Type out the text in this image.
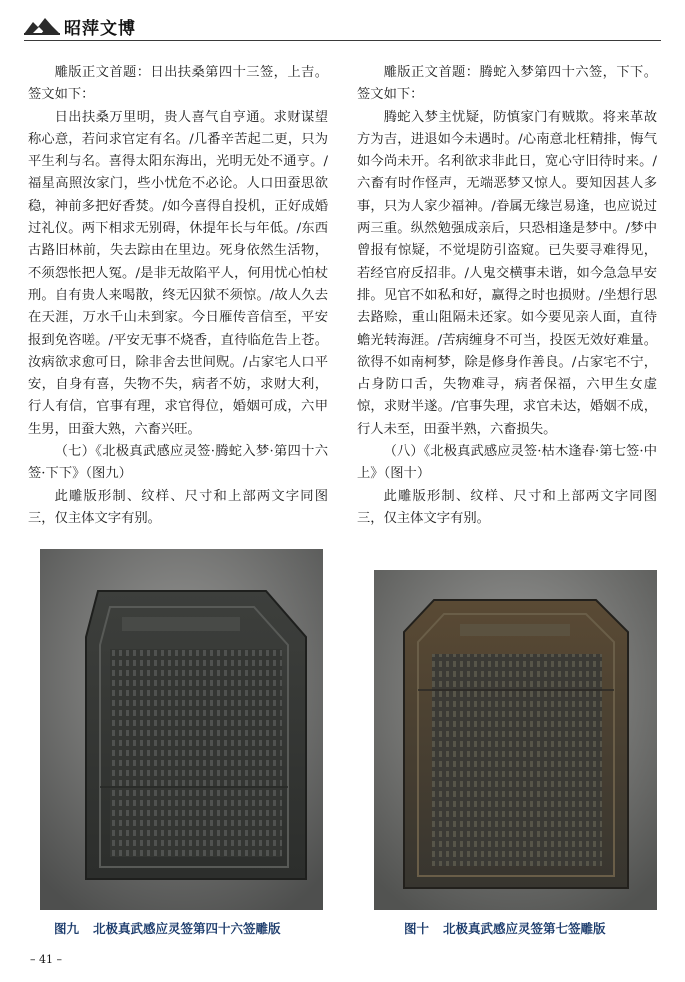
昭萍文博

雕版正文首题：日出扶桑第四十三签，上吉。签文如下：

日出扶桑万里明，贵人喜气自亨通。求财谋望称心意，若问求官定有名。/几番辛苦起二更，只为平生利与名。喜得太阳东海出，光明无处不通亨。/福星高照汝家门，些小忧危不必论。人口田蚕思欲稳，神前多把好香焚。/如今喜得自投机，正好成婚过礼仪。两下相求无别碍，休提年长与年低。/东西古路旧林前，失去踪由在里边。死身依然生活物，不须怨怅把人冤。/是非无故陷平人，何用忧心怕杖刑。自有贵人来喝散，终无囚狱不须惊。/故人久去在天涯，万水千山未到家。今日雁传音信至，平安报到免咨嗟。/平安无事不烧香，直待临危告上苍。汝病欲求愈可日，除非舍去世间贶。/占家宅人口平安，自身有喜，失物不失，病者不妨，求财大利，行人有信，官事有理，求官得位，婚姻可成，六甲生男，田蚕大熟，六畜兴旺。

（七）《北极真武感应灵签·腾蛇入梦·第四十六签·下下》（图九）

此雕版形制、纹样、尺寸和上部两文字同图三，仅主体文字有别。

雕版正文首题：腾蛇入梦第四十六签，下下。签文如下：

腾蛇入梦主忧疑，防慎家门有贼欺。将来革故方为吉，进退如今未遇时。/心南意北枉精排，悔气如今尚未开。名利欲求非此日，宽心守旧待时来。/六畜有时作怪声，无端恶梦又惊人。要知因甚人多事，只为人家少福神。/眷属无缘岂易逢，也应说过两三重。纵然勉强成亲后，只恐相逢是梦中。/梦中曾报有惊疑，不觉堤防引盗窥。已失要寻难得见，若经官府反招非。/人鬼交横事未谐，如今急急早安排。见官不如私和好，赢得之时也损财。/坐想行思去路赊，重山阻隔未还家。如今要见亲人面，直待蟾光转海涯。/苦病缠身不可当，投医无效好难量。欲得不如南柯梦，除是修身作善良。/占家宅不宁，占身防口舌，失物难寻，病者保福，六甲生女虚惊，求财半遂。/官事失理，求官未达，婚姻不成，行人未至，田蚕半熟，六畜损失。

（八）《北极真武感应灵签·枯木逢春·第七签·中上》（图十）

此雕版形制、纹样、尺寸和上部两文字同图三，仅主体文字有别。

图九 北极真武感应灵签第四十六签雕版	图十 北极真武感应灵签第七签雕版
– 41 –
